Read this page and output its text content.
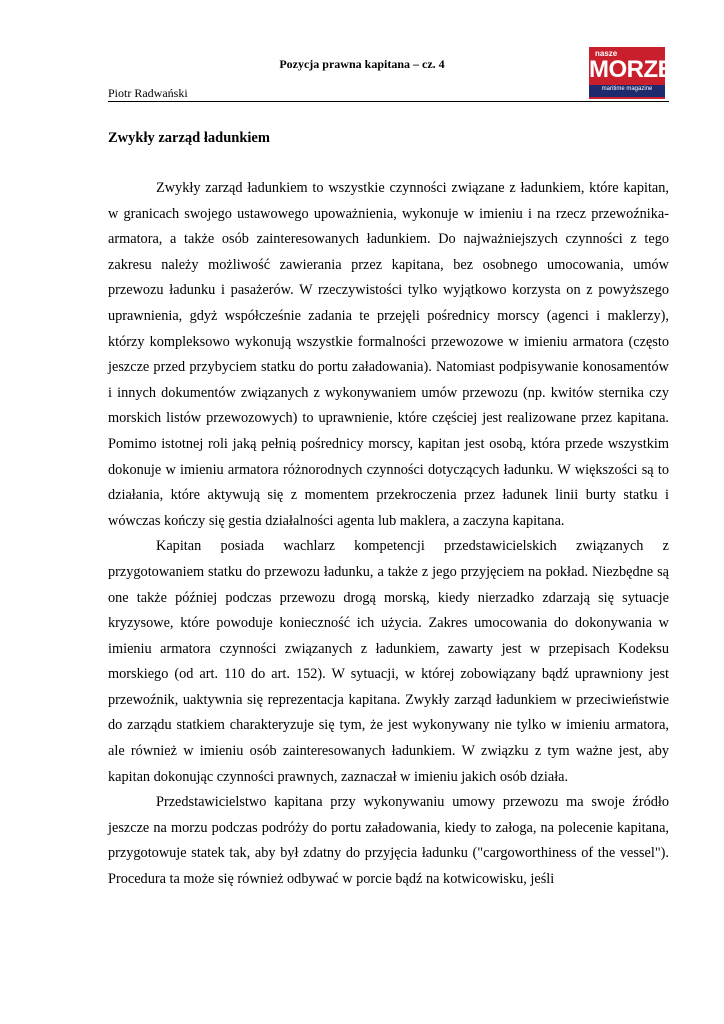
Pozycja prawna kapitana – cz. 4
Piotr Radwański
nasze
MORZE
maritime magazine
Zwykły zarząd ładunkiem

Zwykły zarząd ładunkiem to wszystkie czynności związane z ładunkiem, które kapitan, w granicach swojego ustawowego upoważnienia, wykonuje w imieniu i na rzecz przewoźnika-armatora, a także osób zainteresowanych ładunkiem. Do najważniejszych czynności z tego zakresu należy możliwość zawierania przez kapitana, bez osobnego umocowania, umów przewozu ładunku i pasażerów. W rzeczywistości tylko wyjątkowo korzysta on z powyższego uprawnienia, gdyż współcześnie zadania te przejęli pośrednicy morscy (agenci i maklerzy), którzy kompleksowo wykonują wszystkie formalności przewozowe w imieniu armatora (często jeszcze przed przybyciem statku do portu załadowania). Natomiast podpisywanie konosamentów i innych dokumentów związanych z wykonywaniem umów przewozu (np. kwitów sternika czy morskich listów przewozowych) to uprawnienie, które częściej jest realizowane przez kapitana. Pomimo istotnej roli jaką pełnią pośrednicy morscy, kapitan jest osobą, która przede wszystkim dokonuje w imieniu armatora różnorodnych czynności dotyczących ładunku. W większości są to działania, które aktywują się z momentem przekroczenia przez ładunek linii burty statku i wówczas kończy się gestia działalności agenta lub maklera, a zaczyna kapitana.

Kapitan posiada wachlarz kompetencji przedstawicielskich związanych z przygotowaniem statku do przewozu ładunku, a także z jego przyjęciem na pokład. Niezbędne są one także później podczas przewozu drogą morską, kiedy nierzadko zdarzają się sytuacje kryzysowe, które powoduje konieczność ich użycia. Zakres umocowania do dokonywania w imieniu armatora czynności związanych z ładunkiem, zawarty jest w przepisach Kodeksu morskiego (od art. 110 do art. 152). W sytuacji, w której zobowiązany bądź uprawniony jest przewoźnik, uaktywnia się reprezentacja kapitana. Zwykły zarząd ładunkiem w przeciwieństwie do zarządu statkiem charakteryzuje się tym, że jest wykonywany nie tylko w imieniu armatora, ale również w imieniu osób zainteresowanych ładunkiem. W związku z tym ważne jest, aby kapitan dokonując czynności prawnych, zaznaczał w imieniu jakich osób działa.

Przedstawicielstwo kapitana przy wykonywaniu umowy przewozu ma swoje źródło jeszcze na morzu podczas podróży do portu załadowania, kiedy to załoga, na polecenie kapitana, przygotowuje statek tak, aby był zdatny do przyjęcia ładunku ("cargoworthiness of the vessel"). Procedura ta może się również odbywać w porcie bądź na kotwicowisku, jeśli
